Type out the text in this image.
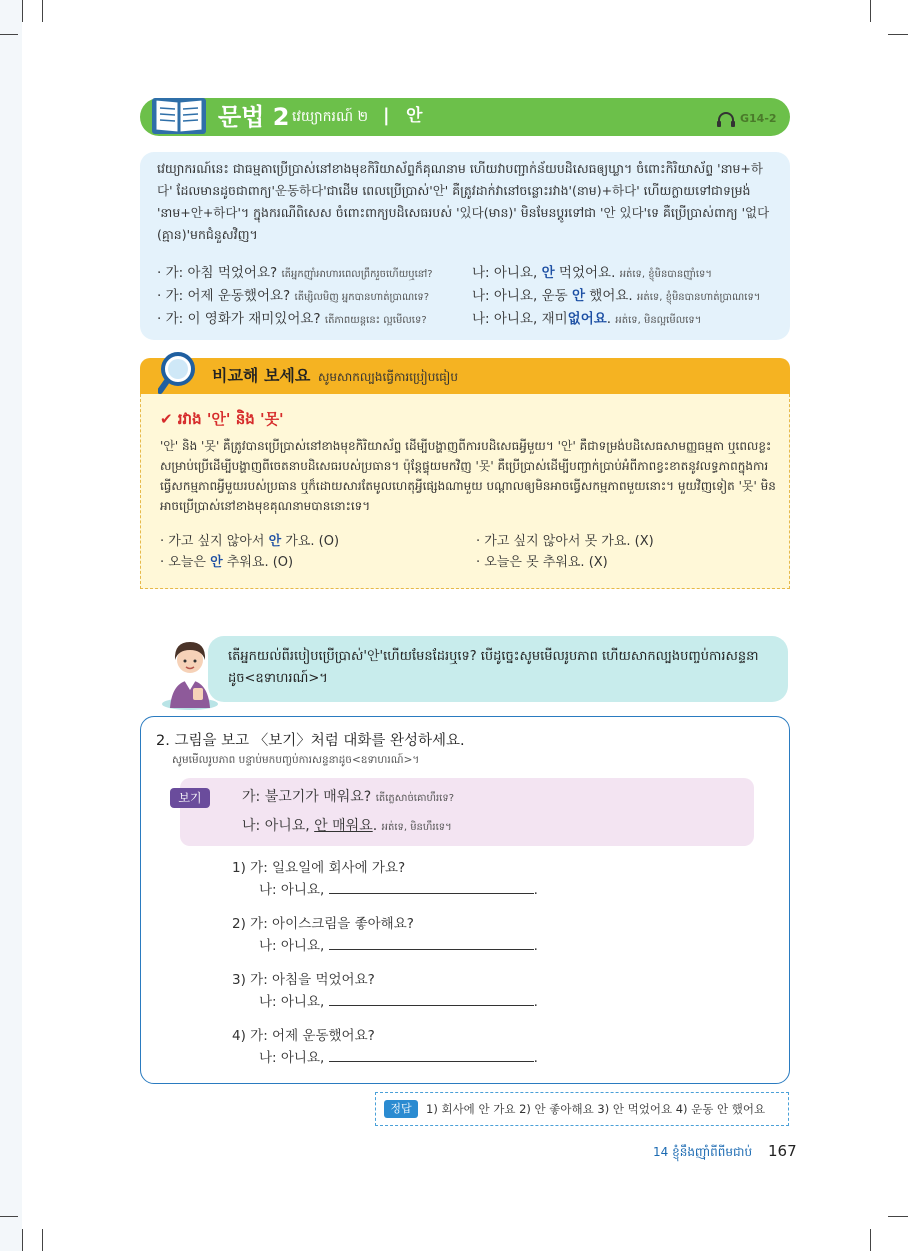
문법 2 វេយ្យាករណ៍ ២ | 안	G14-2
វេយ្យាករណ៍នេះ ជាធម្មតាប្រើប្រាស់នៅខាងមុខកិរិយាស័ព្ទក៏គុណនាម ហើយវាបញ្ជាក់ន័យបដិសេធឲ្យឃ្លា។ ចំពោះកិរិយាស័ព្ទ 'នាម+하다' ដែលមានដូចជាពាក្យ'운동하다'ជាដើម ពេលប្រើប្រាស់'안' គឺត្រូវដាក់វានៅចន្លោះរវាង'(នាម)+하다' ហើយក្លាយទៅជាទម្រង់ 'នាម+안+하다'។ ក្នុងករណីពិសេស ចំពោះពាក្យបដិសេធរបស់ '있다(មាន)' មិនមែនប្តូរទៅជា '안 있다'ទេ គឺប្រើប្រាស់ពាក្យ '없다(គ្មាន)'មកជំនួសវិញ។
· 가: 아침 먹었어요? តើអ្នកញ៉ាំអាហារពេលព្រឹករួចហើយឬនៅ?	나: 아니요, 안 먹었어요. អត់ទេ, ខ្ញុំមិនបានញ៉ាំទេ។
· 가: 어제 운동했어요? តើម្សិលមិញ អ្នកបានហាត់ប្រាណទេ?	나: 아니요, 운동 안 했어요. អត់ទេ, ខ្ញុំមិនបានហាត់ប្រាណទេ។
· 가: 이 영화가 재미있어요? តើភាពយន្តនេះ ល្អមើលទេ?	나: 아니요, 재미없어요. អត់ទេ, មិនល្អមើលទេ។
비교해 보세요 សូមសាកល្បងធ្វើការប្រៀបធៀប
✔ រវាង '안' និង '못'
'안' និង '못' គឺត្រូវបានប្រើប្រាស់នៅខាងមុខកិរិយាស័ព្ទ ដើម្បីបង្ហាញពីការបដិសេធអ្វីមួយ។ '안' គឺជាទម្រង់បដិសេធសាមញ្ញធម្មតា ឬពេលខ្លះសម្រាប់ប្រើដើម្បីបង្ហាញពីចេតនាបដិសេធរបស់ប្រធាន។ ប៉ុន្តែផ្ទុយមកវិញ '못' គឺប្រើប្រាស់ដើម្បីបញ្ជាក់ប្រាប់អំពីភាពខ្វះខាតនូវលទ្ធភាពក្នុងការធ្វើសកម្មភាពអ្វីមួយរបស់ប្រធាន ឬក៏ដោយសារតែមូលហេតុអ្វីផ្សេងណាមួយ បណ្តាលឲ្យមិនអាចធ្វើសកម្មភាពមួយនោះ។ មួយវិញទៀត '못' មិនអាចប្រើប្រាស់នៅខាងមុខគុណនាមបាននោះទេ។
· 가고 싶지 않아서 안 가요. (O)	· 가고 싶지 않아서 못 가요. (X)
· 오늘은 안 추워요. (O)	· 오늘은 못 추워요. (X)
តើអ្នកយល់ពីរបៀបប្រើប្រាស់'안'ហើយមែនដែរឬទេ? បើដូច្នេះសូមមើលរូបភាព ហើយសាកល្បងបញ្ចប់ការសន្ទនាដូច<ឧទាហរណ៍>។
2. 그림을 보고 〈보기〉처럼 대화를 완성하세요.
សូមមើលរូបភាព បន្ទាប់មកបញ្ចប់ការសន្ទនាដូច<ឧទាហរណ៍>។
보기	가: 불고기가 매워요? តើភ្លេសាច់គោហឹរទេ?
나: 아니요, 안 매워요. អត់ទេ, មិនហឹរទេ។
1) 가: 일요일에 회사에 가요?
나: 아니요,	.
2) 가: 아이스크림을 좋아해요?
나: 아니요,	.
3) 가: 아침을 먹었어요?
나: 아니요,	.
4) 가: 어제 운동했어요?
나: 아니요,	.
정답	1) 회사에 안 가요 2) 안 좋아해요 3) 안 먹었어요 4) 운동 안 했어요
14 ខ្ញុំនឹងញ៉ាំពីពីមជាប់ 167
